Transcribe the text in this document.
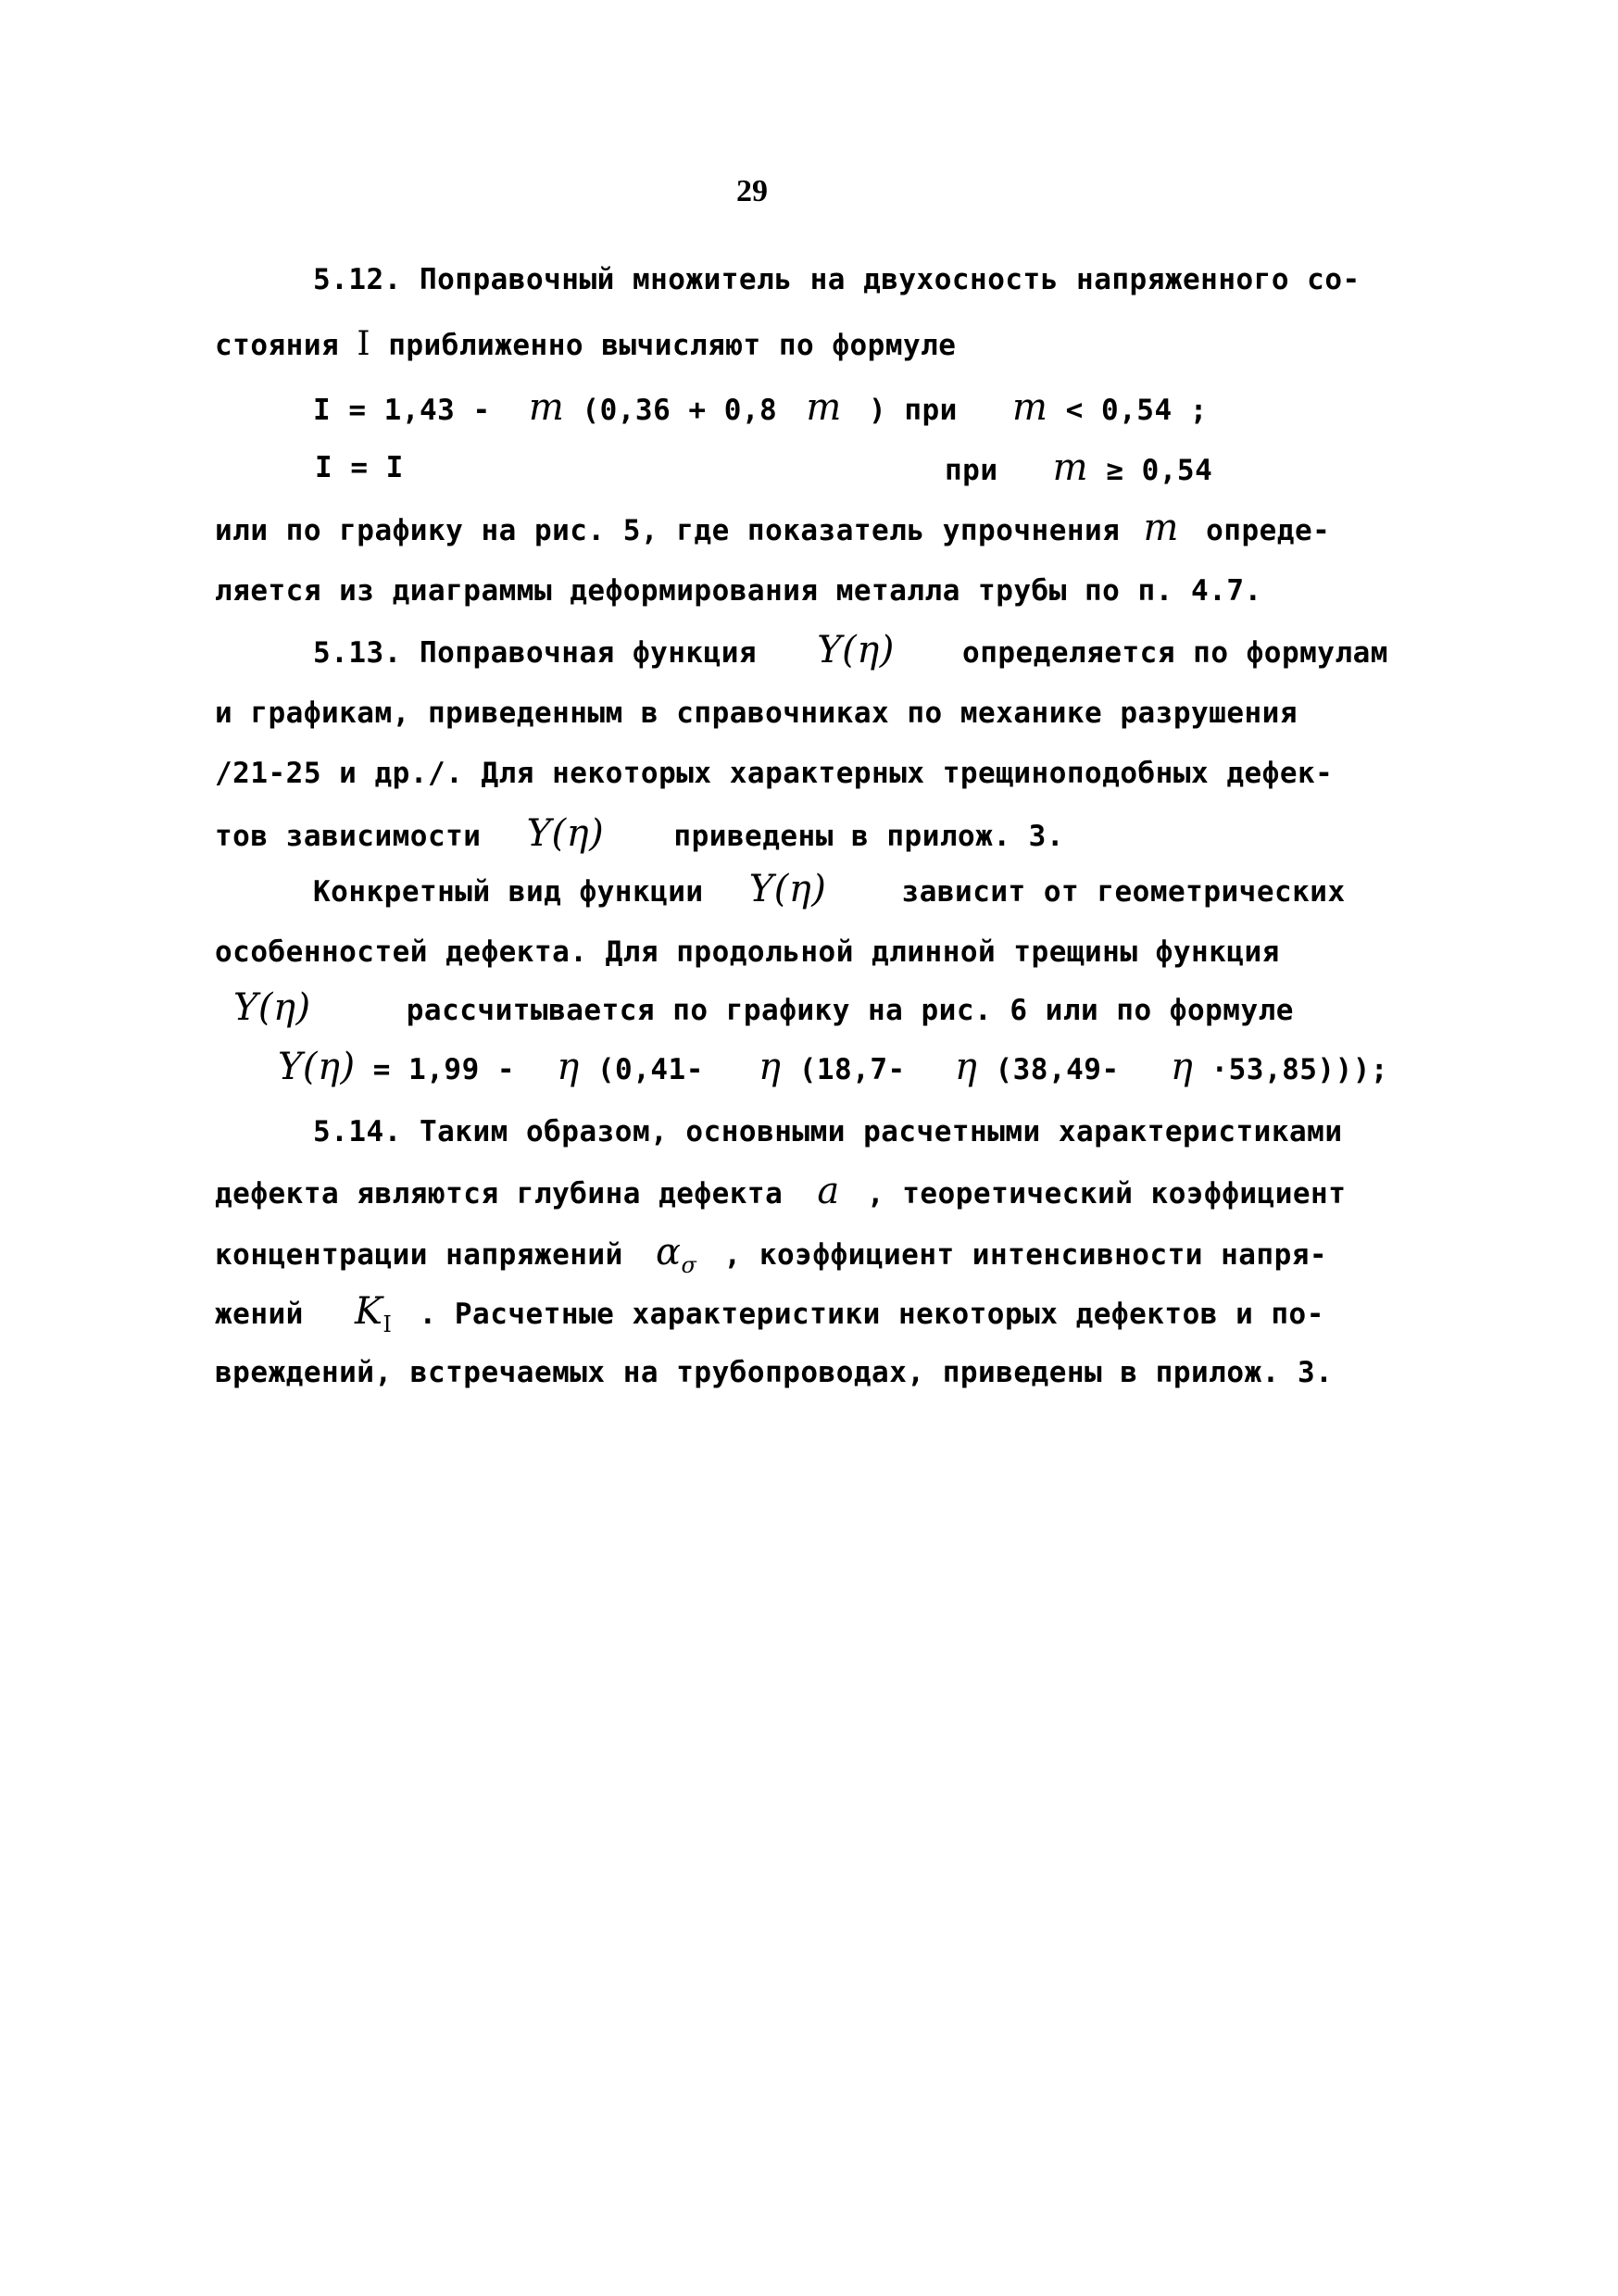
29
5.12. Поправочный множитель на двухосность напряженного со-
стояния I приближенно вычисляют по формуле
I = 1,43 - m (0,36 + 0,8 m ) при m < 0,54 ;
I = I	при m ≥ 0,54
или по графику на рис. 5, где показатель упрочнения m опреде-
ляется из диаграммы деформирования металла трубы по п. 4.7.
5.13. Поправочная функция Y(η) определяется по формулам
и графикам, приведенным в справочниках по механике разрушения
/21-25 и др./. Для некоторых характерных трещиноподобных дефек-
тов зависимости Y(η) приведены в прилож. 3.
Конкретный вид функции Y(η)	зависит от геометрических
особенностей дефекта. Для продольной длинной трещины функция
Y(η)	рассчитывается по графику на рис. 6 или по формуле
Y(η) = 1,99 - η (0,41- η (18,7- η (38,49- η ·53,85)));
5.14. Таким образом, основными расчетными характеристиками
дефекта являются глубина дефекта a , теоретический коэффициент
концентрации напряжений $\alpha_\sigma$ , коэффициент интенсивности напря-
жений $K_I$ . Расчетные характеристики некоторых дефектов и по-
вреждений, встречаемых на трубопроводах, приведены в прилож. 3.
